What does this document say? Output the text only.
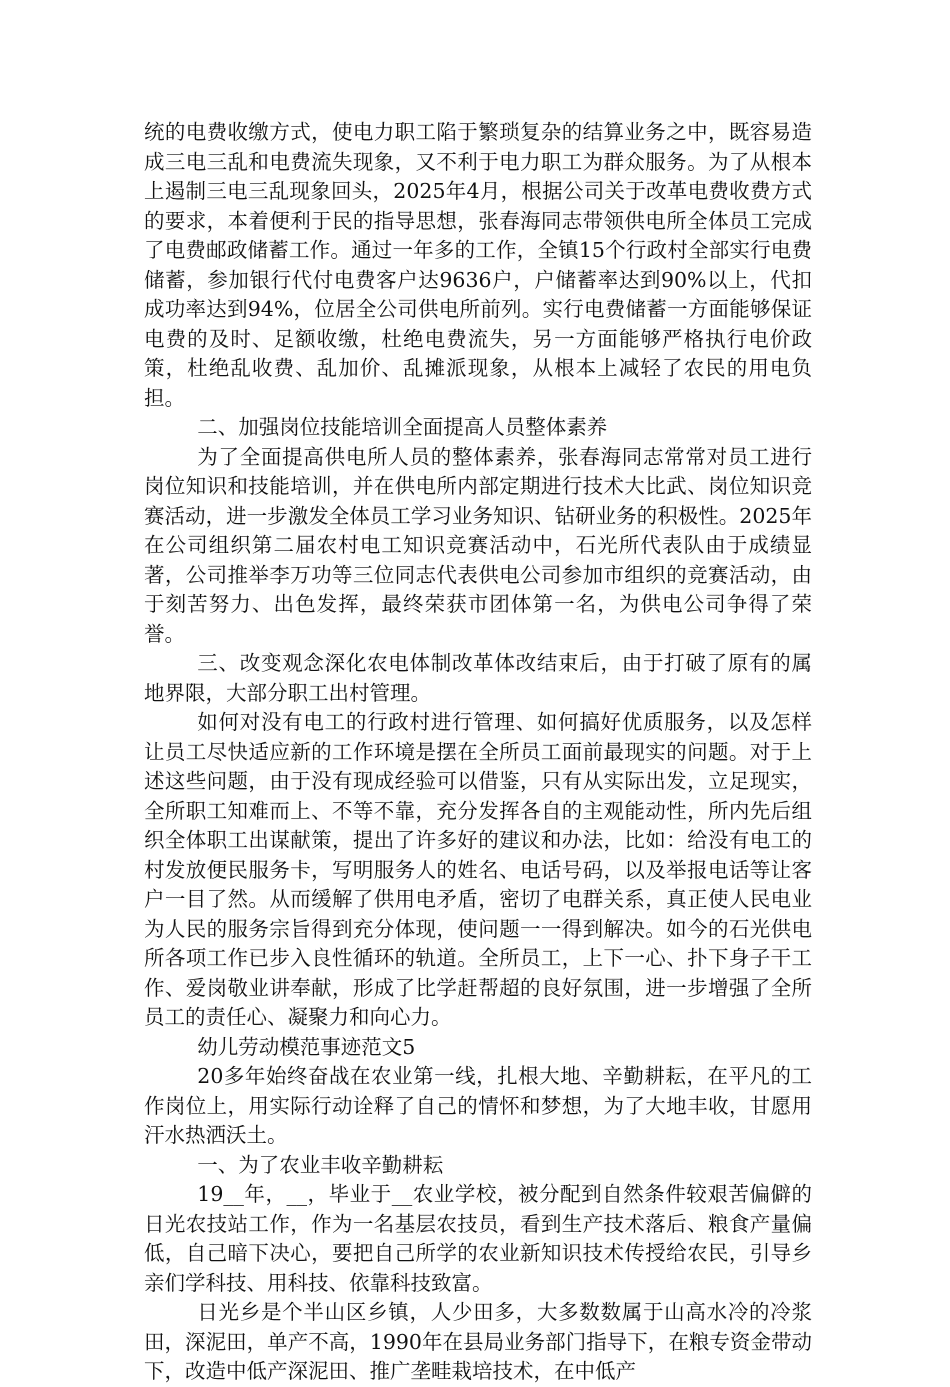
统的电费收缴方式，使电力职工陷于繁琐复杂的结算业务之中，既容易造成三电三乱和电费流失现象，又不利于电力职工为群众服务。为了从根本上遏制三电三乱现象回头，2025年4月，根据公司关于改革电费收费方式的要求，本着便利于民的指导思想，张春海同志带领供电所全体员工完成了电费邮政储蓄工作。通过一年多的工作，全镇15个行政村全部实行电费储蓄，参加银行代付电费客户达9636户，户储蓄率达到90%以上，代扣成功率达到94%，位居全公司供电所前列。实行电费储蓄一方面能够保证电费的及时、足额收缴，杜绝电费流失，另一方面能够严格执行电价政策，杜绝乱收费、乱加价、乱摊派现象，从根本上减轻了农民的用电负担。

二、加强岗位技能培训全面提高人员整体素养

为了全面提高供电所人员的整体素养，张春海同志常常对员工进行岗位知识和技能培训，并在供电所内部定期进行技术大比武、岗位知识竞赛活动，进一步激发全体员工学习业务知识、钻研业务的积极性。2025年在公司组织第二届农村电工知识竞赛活动中，石光所代表队由于成绩显著，公司推举李万功等三位同志代表供电公司参加市组织的竞赛活动，由于刻苦努力、出色发挥，最终荣获市团体第一名，为供电公司争得了荣誉。

三、改变观念深化农电体制改革体改结束后，由于打破了原有的属地界限，大部分职工出村管理。

如何对没有电工的行政村进行管理、如何搞好优质服务，以及怎样让员工尽快适应新的工作环境是摆在全所员工面前最现实的问题。对于上述这些问题，由于没有现成经验可以借鉴，只有从实际出发，立足现实，全所职工知难而上、不等不靠，充分发挥各自的主观能动性，所内先后组织全体职工出谋献策，提出了许多好的建议和办法，比如：给没有电工的村发放便民服务卡，写明服务人的姓名、电话号码，以及举报电话等让客户一目了然。从而缓解了供用电矛盾，密切了电群关系，真正使人民电业为人民的服务宗旨得到充分体现，使问题一一得到解决。如今的石光供电所各项工作已步入良性循环的轨道。全所员工，上下一心、扑下身子干工作、爱岗敬业讲奉献，形成了比学赶帮超的良好氛围，进一步增强了全所员工的责任心、凝聚力和向心力。

幼儿劳动模范事迹范文5

20多年始终奋战在农业第一线，扎根大地、辛勤耕耘，在平凡的工作岗位上，用实际行动诠释了自己的情怀和梦想，为了大地丰收，甘愿用汗水热洒沃土。

一、为了农业丰收辛勤耕耘

19__年，__，毕业于__农业学校，被分配到自然条件较艰苦偏僻的日光农技站工作，作为一名基层农技员，看到生产技术落后、粮食产量偏低，自己暗下决心，要把自己所学的农业新知识技术传授给农民，引导乡亲们学科技、用科技、依靠科技致富。

日光乡是个半山区乡镇，人少田多，大多数数属于山高水冷的冷浆田，深泥田，单产不高，1990年在县局业务部门指导下，在粮专资金带动下，改造中低产深泥田、推广垄畦栽培技术，在中低产
